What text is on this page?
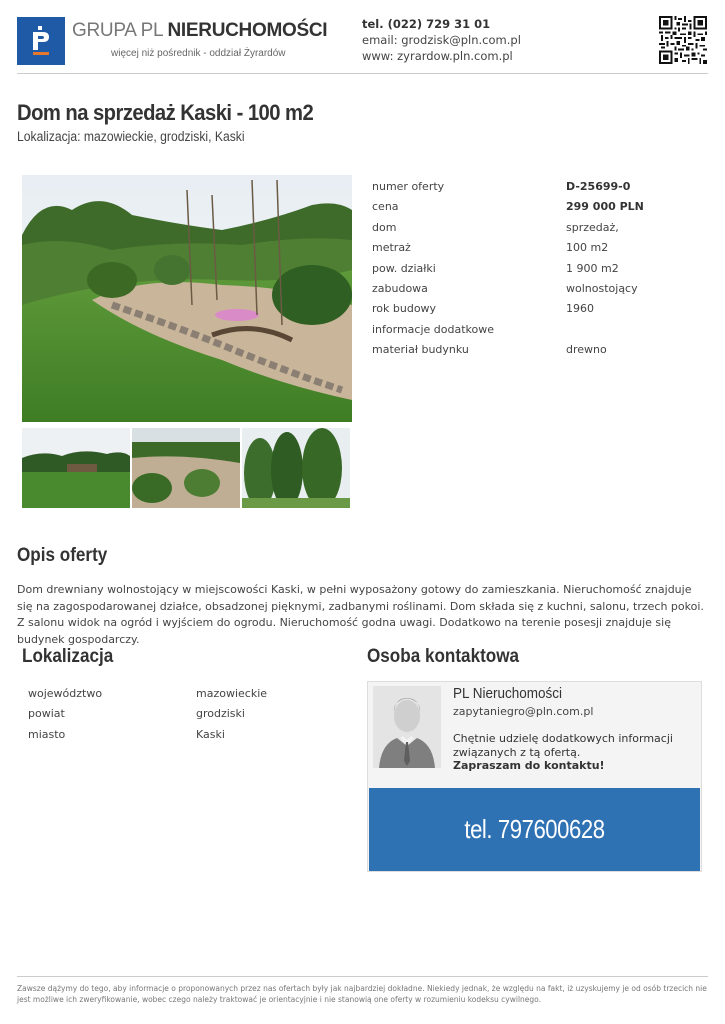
GRUPA PL NIERUCHOMOŚCI
więcej niż pośrednik - oddział Żyrardów
tel. (022) 729 31 01
email: grodzisk@pln.com.pl
www: zyrardow.pln.com.pl
Dom na sprzedaż Kaski - 100 m2
Lokalizacja: mazowieckie, grodziski, Kaski
numer oferty	D-25699-0
cena	299 000 PLN
dom	sprzedaż,
metraż	100 m2
pow. działki	1 900 m2
zabudowa	wolnostojący
rok budowy	1960
informacje dodatkowe
materiał budynku	drewno
Opis oferty

Dom drewniany wolnostojący w miejscowości Kaski, w pełni wyposażony gotowy do zamieszkania. Nieruchomość znajduje się na zagospodarowanej działce, obsadzonej pięknymi, zadbanymi roślinami. Dom składa się z kuchni, salonu, trzech pokoi. Z salonu widok na ogród i wyjściem do ogrodu. Nieruchomość godna uwagi. Dodatkowo na terenie posesji znajduje się budynek gospodarczy.

Lokalizacja
województwo	mazowieckie
powiat	grodziski
miasto	Kaski
Osoba kontaktowa
PL Nieruchomości
zapytaniegro@pln.com.pl
Chętnie udzielę dodatkowych informacji związanych z tą ofertą.
Zapraszam do kontaktu!
tel. 797600628

Zawsze dążymy do tego, aby informacje o proponowanych przez nas ofertach były jak najbardziej dokładne. Niekiedy jednak, że względu na fakt, iż uzyskujemy je od osób trzecich nie jest możliwe ich zweryfikowanie, wobec czego należy traktować je orientacyjnie i nie stanowią one oferty w rozumieniu kodeksu cywilnego.
